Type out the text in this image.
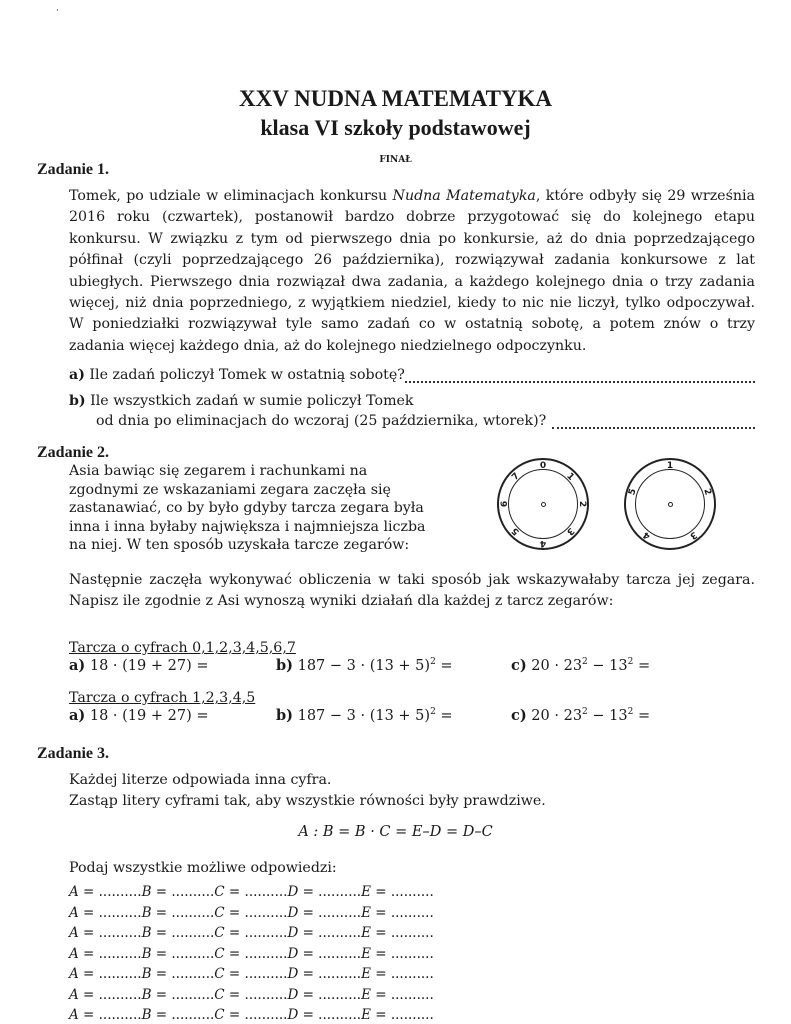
·
XXV NUDNA MATEMATYKA
klasa VI szkoły podstawowej
FINAŁ
Zadanie 1.
Tomek, po udziale w eliminacjach konkursu Nudna Matematyka, które odbyły się 29 września 2016 roku (czwartek), postanowił bardzo dobrze przygotować się do kolejnego etapu konkursu. W związku z tym od pierwszego dnia po konkursie, aż do dnia poprzedzającego półfinał (czyli poprzedzającego 26 października), rozwiązywał zadania konkursowe z lat ubiegłych. Pierwszego dnia rozwiązał dwa zadania, a każdego kolejnego dnia o trzy zadania więcej, niż dnia poprzedniego, z wyjątkiem niedziel, kiedy to nic nie liczył, tylko odpoczywał. W poniedziałki rozwiązywał tyle samo zadań co w ostatnią sobotę, a potem znów o trzy zadania więcej każdego dnia, aż do kolejnego niedzielnego odpoczynku.
a) Ile zadań policzył Tomek w ostatnią sobotę?
b) Ile wszystkich zadań w sumie policzył Tomek
od dnia po eliminacjach do wczoraj (25 października, wtorek)?
Zadanie 2.
Asia bawiąc się zegarem i rachunkami na zgodnymi ze wskazaniami zegara zaczęła się zastanawiać, co by było gdyby tarcza zegara była inna i inna byłaby największa i najmniejsza liczba na niej. W ten sposób uzyskała tarcze zegarów:
0
1
2
3
4
5
6
7
1
2
3
4
5
Następnie zaczęła wykonywać obliczenia w taki sposób jak wskazywałaby tarcza jej zegara. Napisz ile zgodnie z Asi wynoszą wyniki działań dla każdej z tarcz zegarów:
Tarcza o cyfrach 0,1,2,3,4,5,6,7
a) 18 · (19 + 27) =	b) $187 - 3 \cdot (13 + 5)^2$ =	c) $20 \cdot 23^2 - 13^2$ =
Tarcza o cyfrach 1,2,3,4,5
a) 18 · (19 + 27) =	b) $187 - 3 \cdot (13 + 5)^2$ =	c) $20 \cdot 23^2 - 13^2$ =
Zadanie 3.
Każdej literze odpowiada inna cyfra.
Zastąp litery cyframi tak, aby wszystkie równości były prawdziwe.
A : B = B · C = E–D = D–C
Podaj wszystkie możliwe odpowiedzi:
A = ..........B = ..........C = ..........D = ..........E = ..........
A = ..........B = ..........C = ..........D = ..........E = ..........
A = ..........B = ..........C = ..........D = ..........E = ..........
A = ..........B = ..........C = ..........D = ..........E = ..........
A = ..........B = ..........C = ..........D = ..........E = ..........
A = ..........B = ..........C = ..........D = ..........E = ..........
A = ..........B = ..........C = ..........D = ..........E = ..........
